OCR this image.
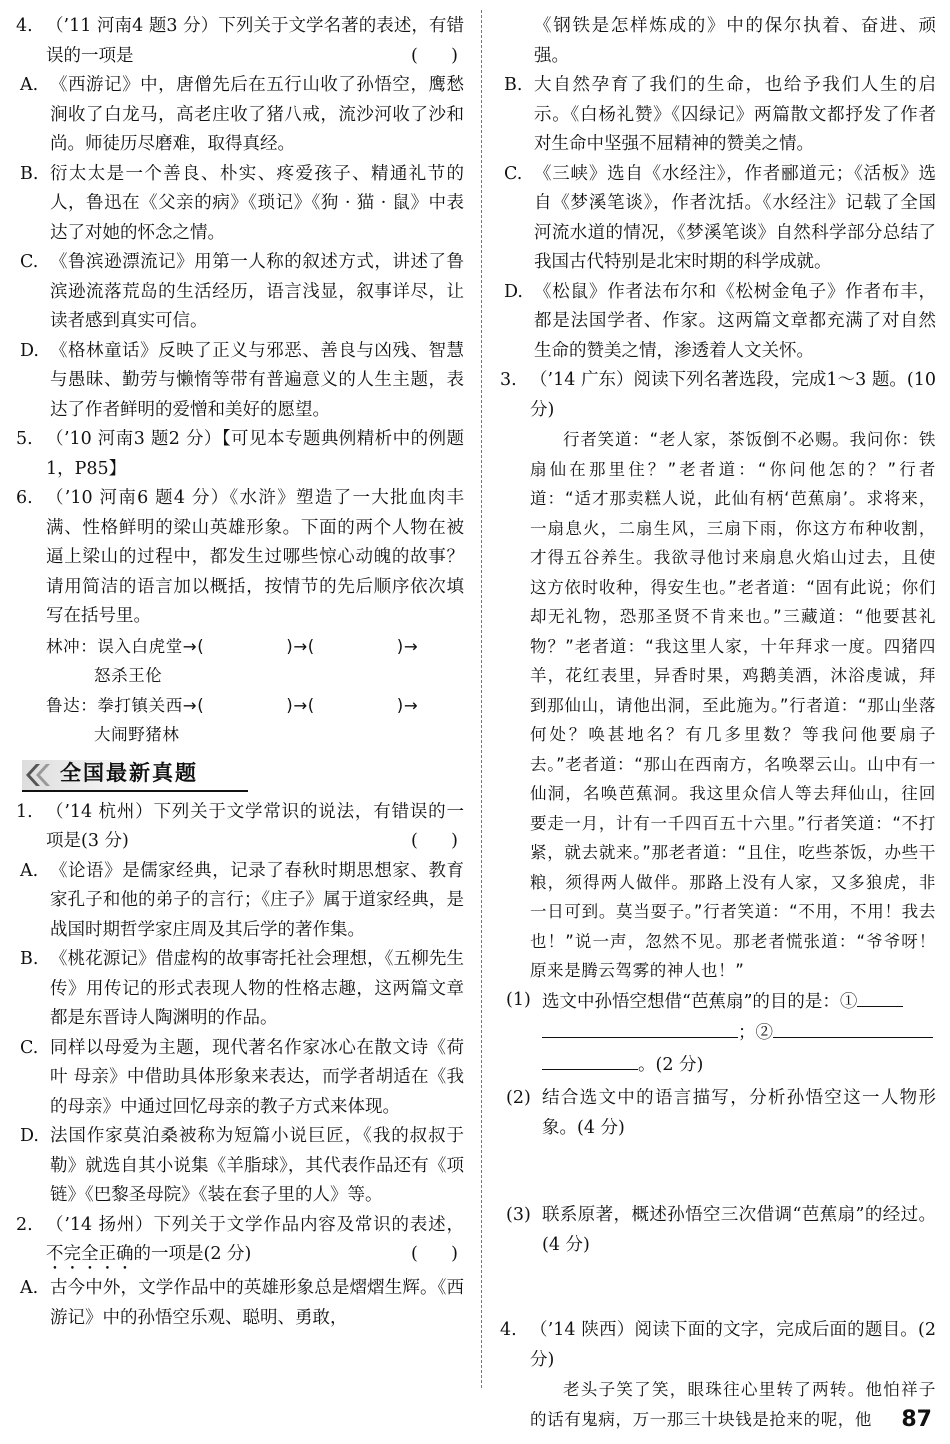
4. （’11 河南4 题3 分）下列关于文学名著的表述，有错误的一项是	(      )
A. 《西游记》中，唐僧先后在五行山收了孙悟空，鹰愁涧收了白龙马，高老庄收了猪八戒，流沙河收了沙和尚。师徒历尽磨难，取得真经。
B. 衍太太是一个善良、朴实、疼爱孩子、精通礼节的人，鲁迅在《父亲的病》《琐记》《狗 · 猫 · 鼠》中表达了对她的怀念之情。
C. 《鲁滨逊漂流记》用第一人称的叙述方式，讲述了鲁滨逊流落荒岛的生活经历，语言浅显，叙事详尽，让读者感到真实可信。
D. 《格林童话》反映了正义与邪恶、善良与凶残、智慧与愚昧、勤劳与懒惰等带有普遍意义的人生主题，表达了作者鲜明的爱憎和美好的愿望。
5. （’10 河南3 题2 分）【可见本专题典例精析中的例题 1，P85】
6. （’10 河南6 题4 分）《水浒》塑造了一大批血肉丰满、性格鲜明的梁山英雄形象。下面的两个人物在被逼上梁山的过程中，都发生过哪些惊心动魄的故事？请用简洁的语言加以概括，按情节的先后顺序依次填写在括号里。
林冲： 误入白虎堂→(	)→(	)→
怒杀王伦
鲁达： 拳打镇关西→(	)→(	)→
大闹野猪林
全国最新真题
1. （’14 杭州）下列关于文学常识的说法，有错误的一项是(3 分)	(      )
A. 《论语》是儒家经典，记录了春秋时期思想家、教育家孔子和他的弟子的言行；《庄子》属于道家经典，是战国时期哲学家庄周及其后学的著作集。
B. 《桃花源记》借虚构的故事寄托社会理想，《五柳先生传》用传记的形式表现人物的性格志趣，这两篇文章都是东晋诗人陶渊明的作品。
C. 同样以母爱为主题，现代著名作家冰心在散文诗《荷叶 母亲》中借助具体形象来表达，而学者胡适在《我的母亲》中通过回忆母亲的教子方式来体现。
D. 法国作家莫泊桑被称为短篇小说巨匠，《我的叔叔于勒》就选自其小说集《羊脂球》，其代表作品还有《项链》《巴黎圣母院》《装在套子里的人》等。
2. （’14 扬州）下列关于文学作品内容及常识的表述，不完全正确的一项是(2 分)	(      )
A. 古今中外，文学作品中的英雄形象总是熠熠生辉。《西游记》中的孙悟空乐观、聪明、勇敢，
《钢铁是怎样炼成的》中的保尔执着、奋进、顽强。
B. 大自然孕育了我们的生命，也给予我们人生的启示。《白杨礼赞》《囚绿记》两篇散文都抒发了作者对生命中坚强不屈精神的赞美之情。
C. 《三峡》选自《水经注》，作者郦道元；《活板》选自《梦溪笔谈》，作者沈括。《水经注》记载了全国河流水道的情况，《梦溪笔谈》自然科学部分总结了我国古代特别是北宋时期的科学成就。
D. 《松鼠》作者法布尔和《松树金龟子》作者布丰，都是法国学者、作家。这两篇文章都充满了对自然生命的赞美之情，渗透着人文关怀。
3. （’14 广东）阅读下列名著选段，完成1～3 题。(10 分)
行者笑道：“老人家，茶饭倒不必赐。我问你：铁扇仙在那里住？”老者道：“你问他怎的？”行者道：“适才那卖糕人说，此仙有柄‘芭蕉扇’。求将来，一扇息火，二扇生风，三扇下雨，你这方布种收割，才得五谷养生。我欲寻他讨来扇息火焰山过去，且使这方依时收种，得安生也。”老者道：“固有此说；你们却无礼物，恐那圣贤不肯来也。”三藏道：“他要甚礼物？”老者道：“我这里人家，十年拜求一度。四猪四羊，花红表里，异香时果，鸡鹅美酒，沐浴虔诚，拜到那仙山，请他出洞，至此施为。”行者道：“那山坐落何处？唤甚地名？有几多里数？等我问他要扇子去。”老者道：“那山在西南方，名唤翠云山。山中有一仙洞，名唤芭蕉洞。我这里众信人等去拜仙山，往回要走一月，计有一千四百五十六里。”行者笑道：“不打紧，就去就来。”那老者道：“且住，吃些茶饭，办些干粮，须得两人做伴。那路上没有人家，又多狼虎，非一日可到。莫当耍子。”行者笑道：“不用，不用！我去也！”说一声，忽然不见。那老者慌张道：“爷爷呀！原来是腾云驾雾的神人也！”
(1) 选文中孙悟空想借“芭蕉扇”的目的是：①
；②
。(2 分)
(2) 结合选文中的语言描写，分析孙悟空这一人物形象。(4 分)
(3) 联系原著，概述孙悟空三次借调“芭蕉扇”的经过。(4 分)
4. （’14 陕西）阅读下面的文字，完成后面的题目。(2 分)
老头子笑了笑，眼珠往心里转了两转。他怕祥子的话有鬼病，万一那三十块钱是抢来的呢，他	87
